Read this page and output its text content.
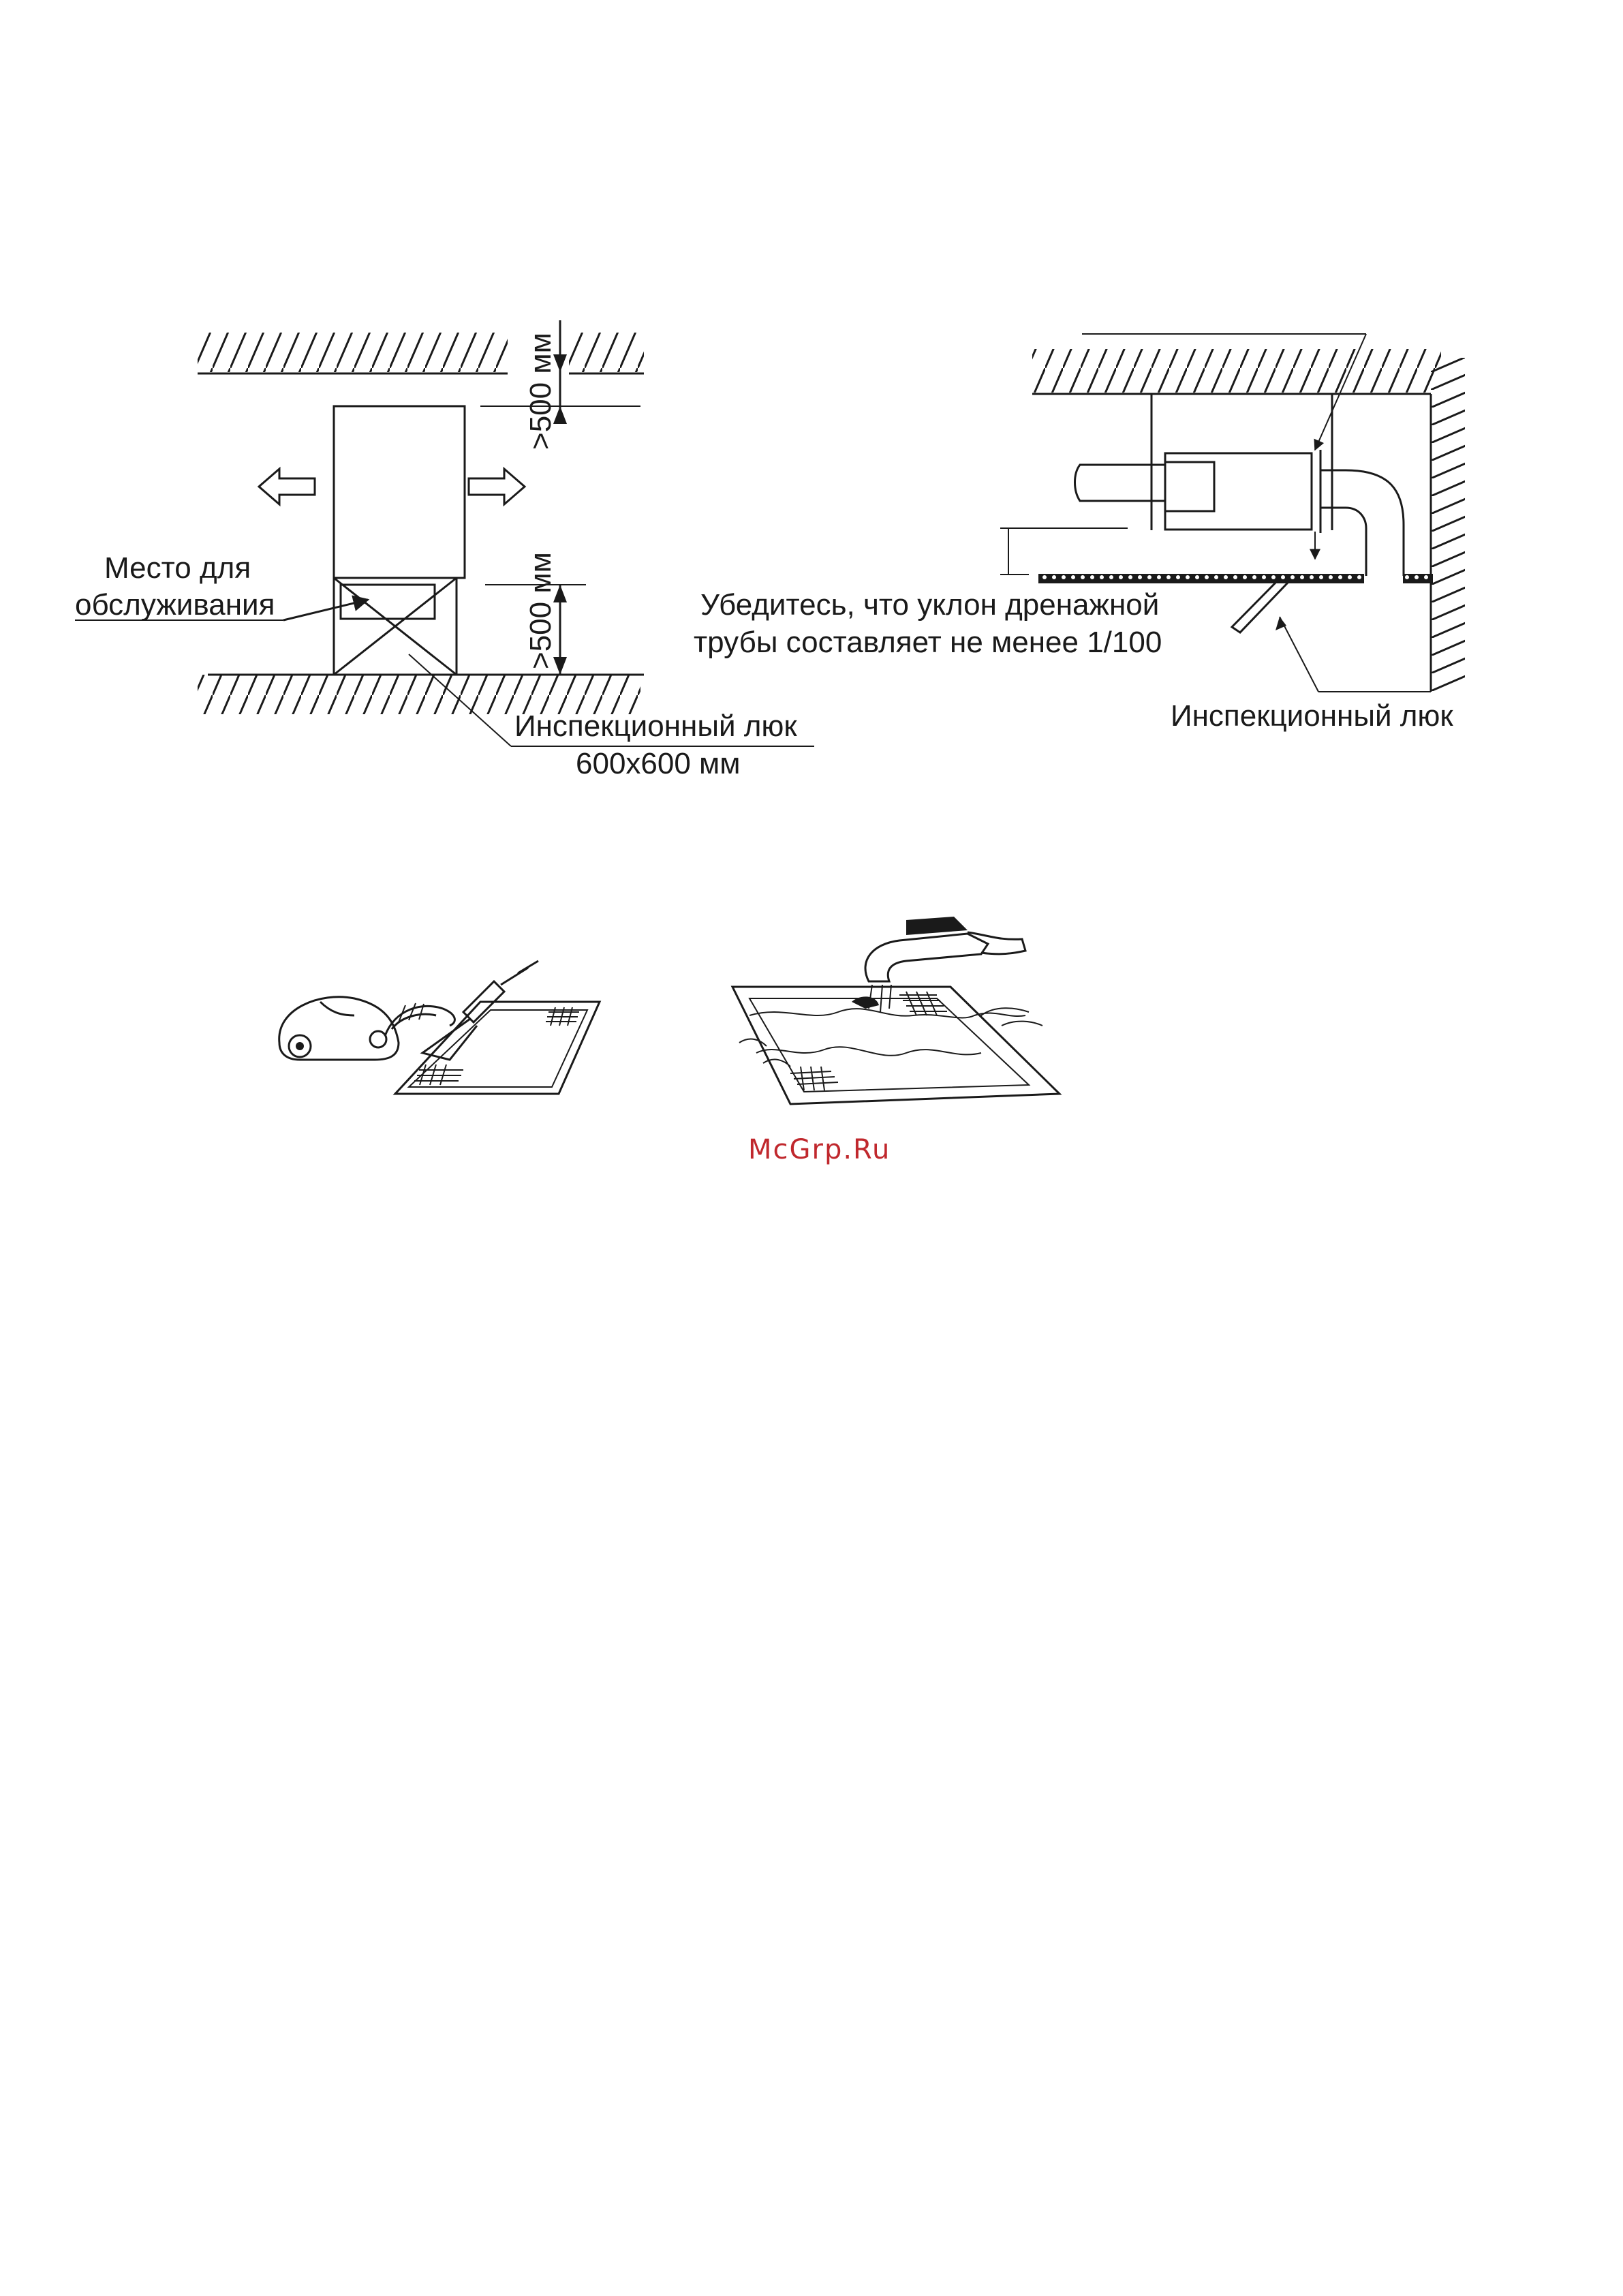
>500 мм
>500 мм
Место для
обслуживания
Инспекционный люк
600x600 мм
Убедитесь, что уклон дренажной
трубы составляет не менее 1/100
Инспекционный люк
McGrp.Ru
